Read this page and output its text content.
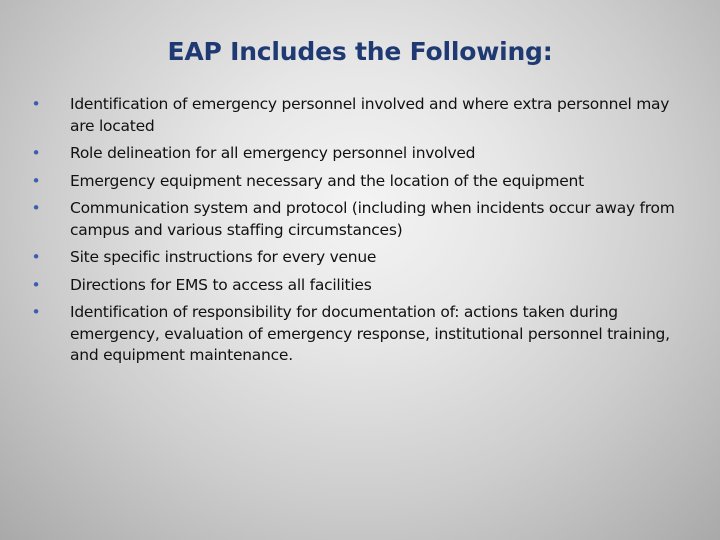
EAP Includes the Following:
• Identification of emergency personnel involved and where extra personnel may are located
• Role delineation for all emergency personnel involved
• Emergency equipment necessary and the location of the equipment
• Communication system and protocol (including when incidents occur away from campus and various staffing circumstances)
• Site specific instructions for every venue
• Directions for EMS to access all facilities
• Identification of responsibility for documentation of: actions taken during emergency, evaluation of emergency response, institutional personnel training, and equipment maintenance.
